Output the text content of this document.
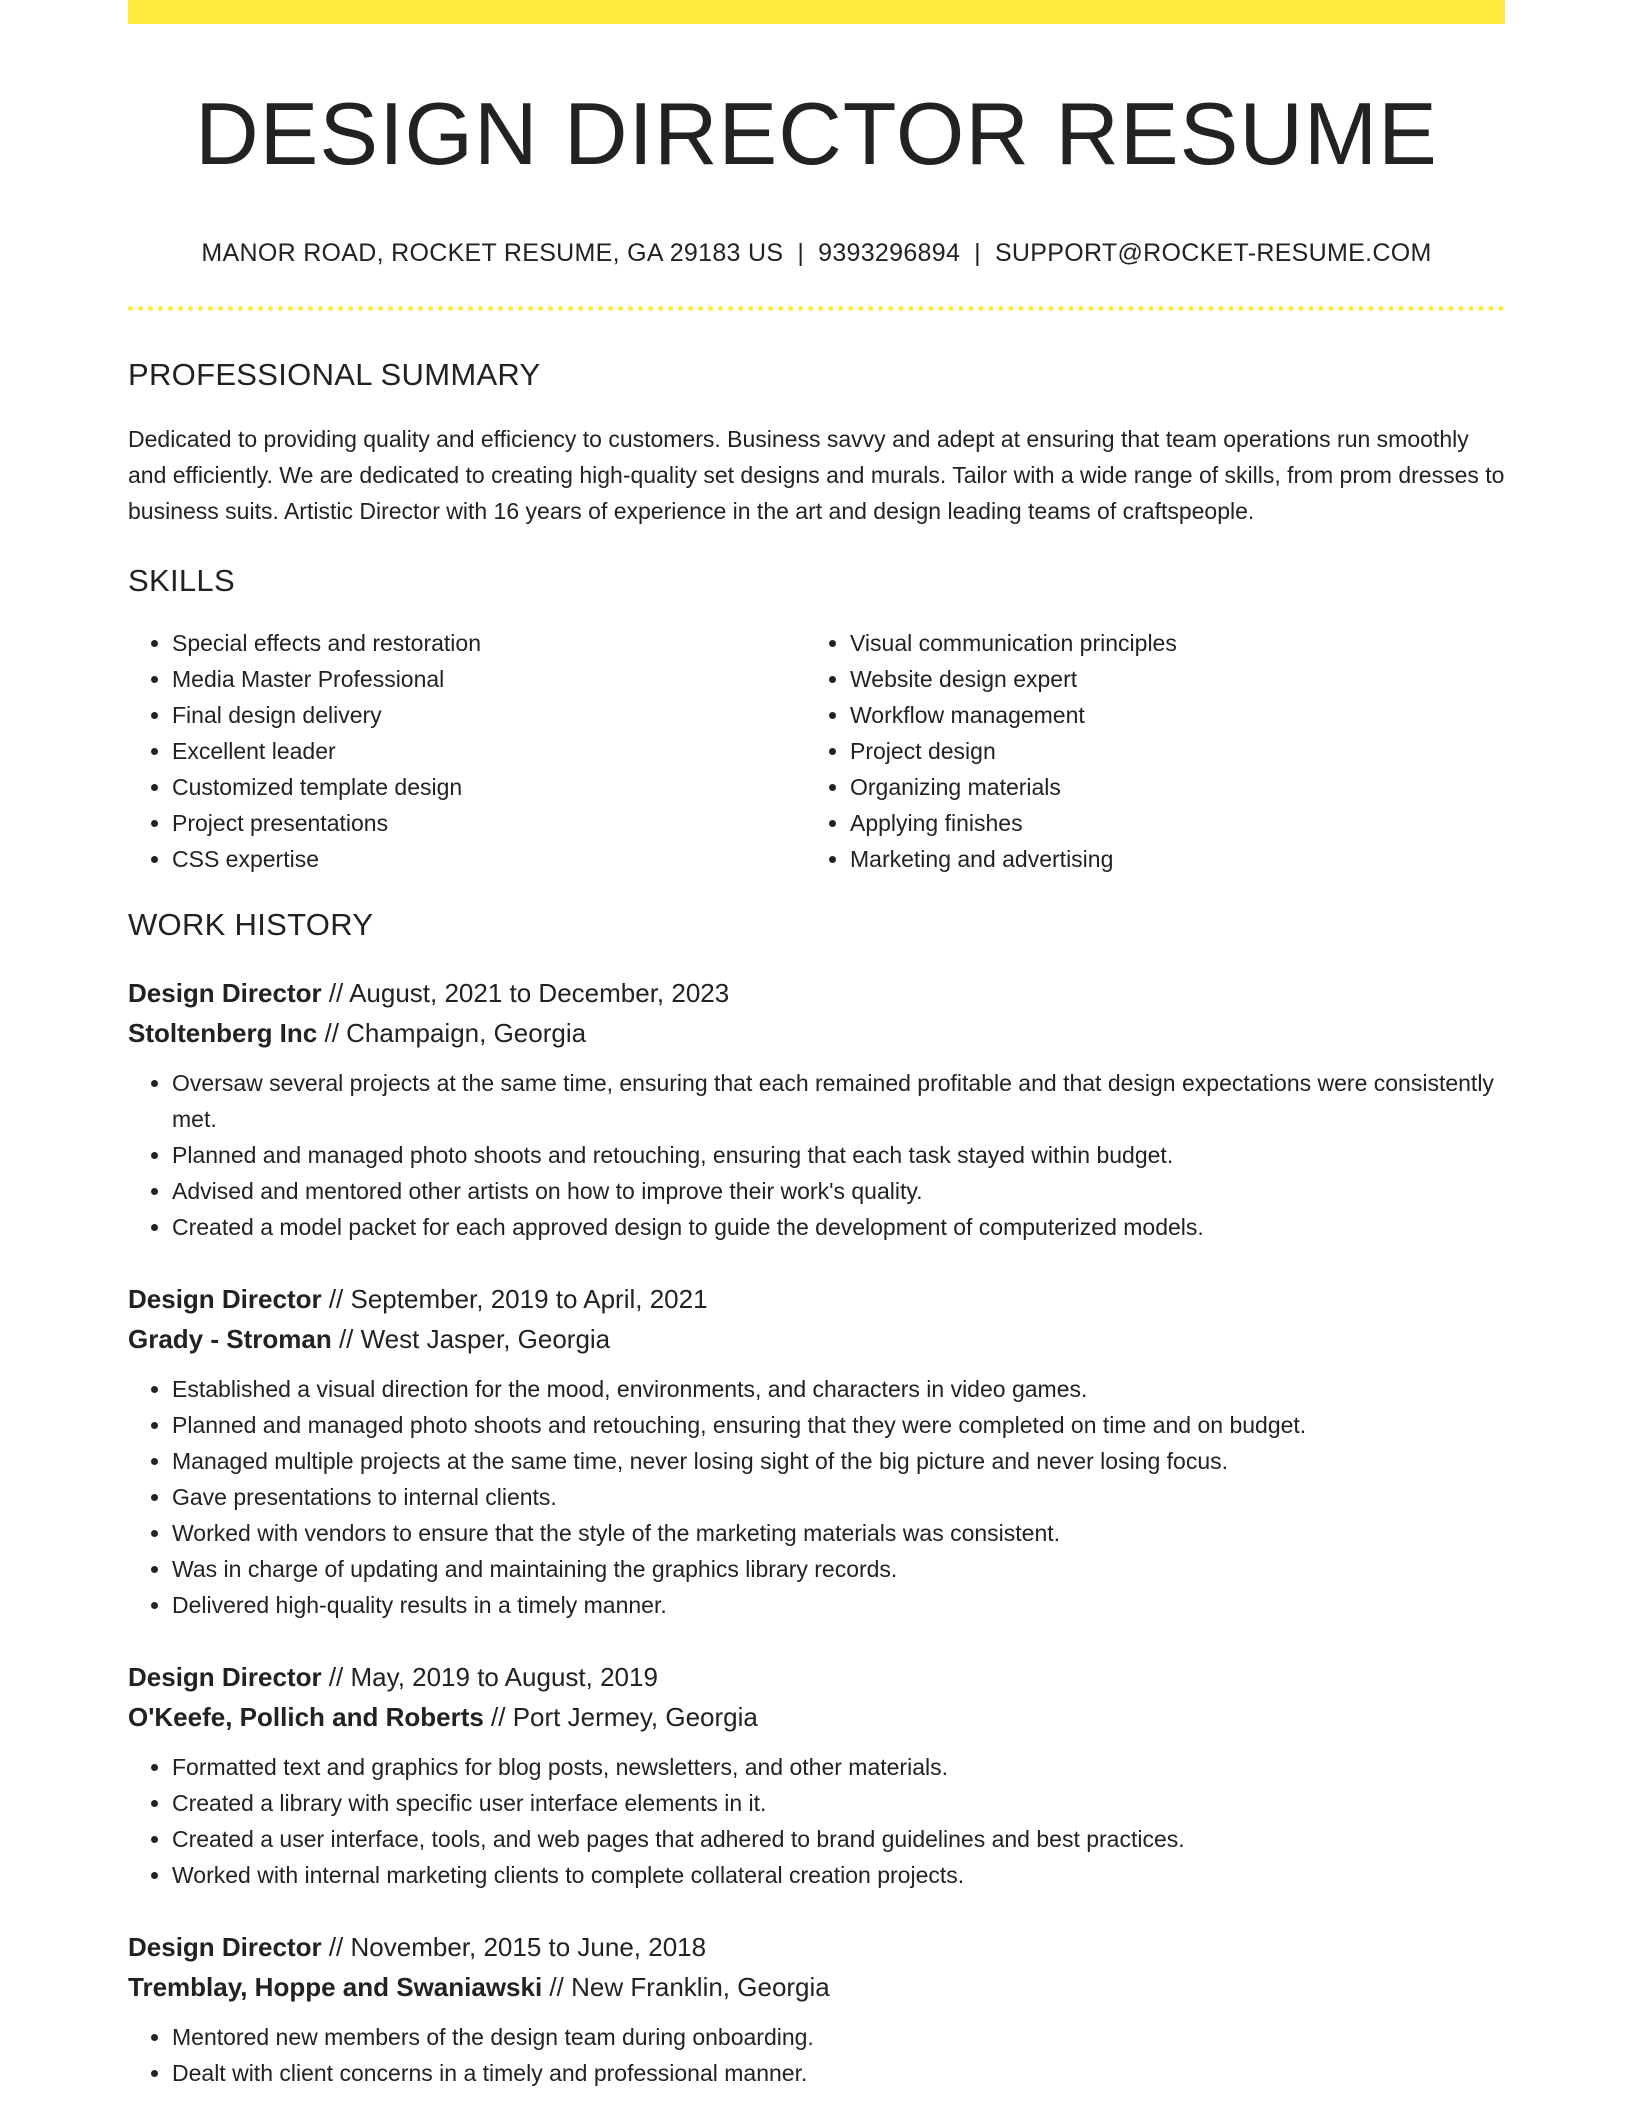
DESIGN DIRECTOR RESUME
MANOR ROAD, ROCKET RESUME, GA 29183 US | 9393296894 | SUPPORT@ROCKET-RESUME.COM
PROFESSIONAL SUMMARY
Dedicated to providing quality and efficiency to customers. Business savvy and adept at ensuring that team operations run smoothly and efficiently. We are dedicated to creating high-quality set designs and murals. Tailor with a wide range of skills, from prom dresses to business suits. Artistic Director with 16 years of experience in the art and design leading teams of craftspeople.
SKILLS
• Special effects and restoration
• Media Master Professional
• Final design delivery
• Excellent leader
• Customized template design
• Project presentations
• CSS expertise
• Visual communication principles
• Website design expert
• Workflow management
• Project design
• Organizing materials
• Applying finishes
• Marketing and advertising
WORK HISTORY
Design Director // August, 2021 to December, 2023
Stoltenberg Inc // Champaign, Georgia
• Oversaw several projects at the same time, ensuring that each remained profitable and that design expectations were consistently met.
• Planned and managed photo shoots and retouching, ensuring that each task stayed within budget.
• Advised and mentored other artists on how to improve their work's quality.
• Created a model packet for each approved design to guide the development of computerized models.
Design Director // September, 2019 to April, 2021
Grady - Stroman // West Jasper, Georgia
• Established a visual direction for the mood, environments, and characters in video games.
• Planned and managed photo shoots and retouching, ensuring that they were completed on time and on budget.
• Managed multiple projects at the same time, never losing sight of the big picture and never losing focus.
• Gave presentations to internal clients.
• Worked with vendors to ensure that the style of the marketing materials was consistent.
• Was in charge of updating and maintaining the graphics library records.
• Delivered high-quality results in a timely manner.
Design Director // May, 2019 to August, 2019
O'Keefe, Pollich and Roberts // Port Jermey, Georgia
• Formatted text and graphics for blog posts, newsletters, and other materials.
• Created a library with specific user interface elements in it.
• Created a user interface, tools, and web pages that adhered to brand guidelines and best practices.
• Worked with internal marketing clients to complete collateral creation projects.
Design Director // November, 2015 to June, 2018
Tremblay, Hoppe and Swaniawski // New Franklin, Georgia
• Mentored new members of the design team during onboarding.
• Dealt with client concerns in a timely and professional manner.
